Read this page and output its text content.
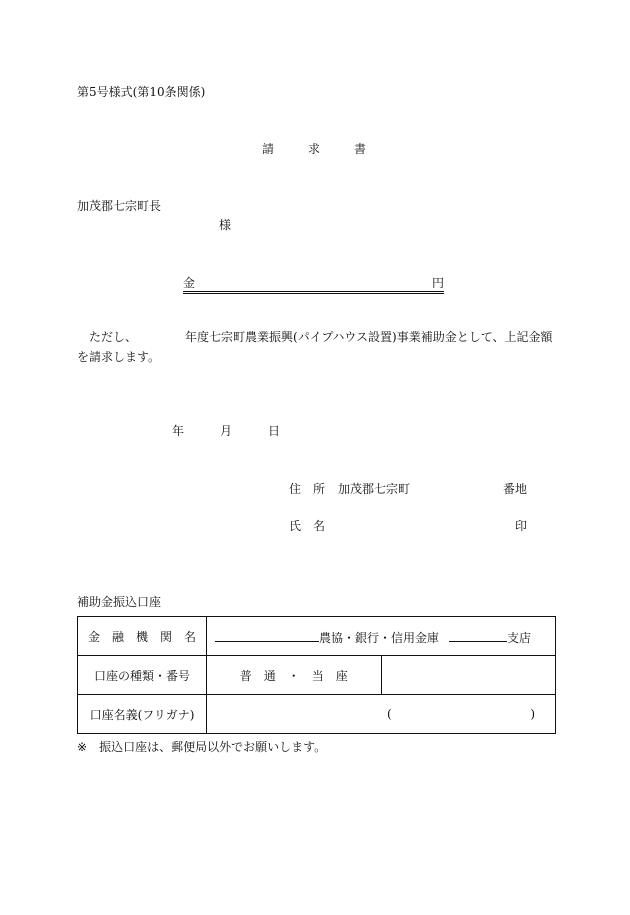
第5号様式(第10条関係)
請	求	書
加茂郡七宗町長
様
金	円
ただし、	年度七宗町農業振興(パイプハウス設置)事業補助金として、上記金額
を請求します。
年	月	日
住　所 加茂郡七宗町	番地
氏　名	印
補助金振込口座
金　融　機　関　名	農協・銀行・信用金庫 支店	

口座の種類・番号	普　通　・　当　座	
口座名義(フリガナ)	( )	
※ 振込口座は、郵便局以外でお願いします。
